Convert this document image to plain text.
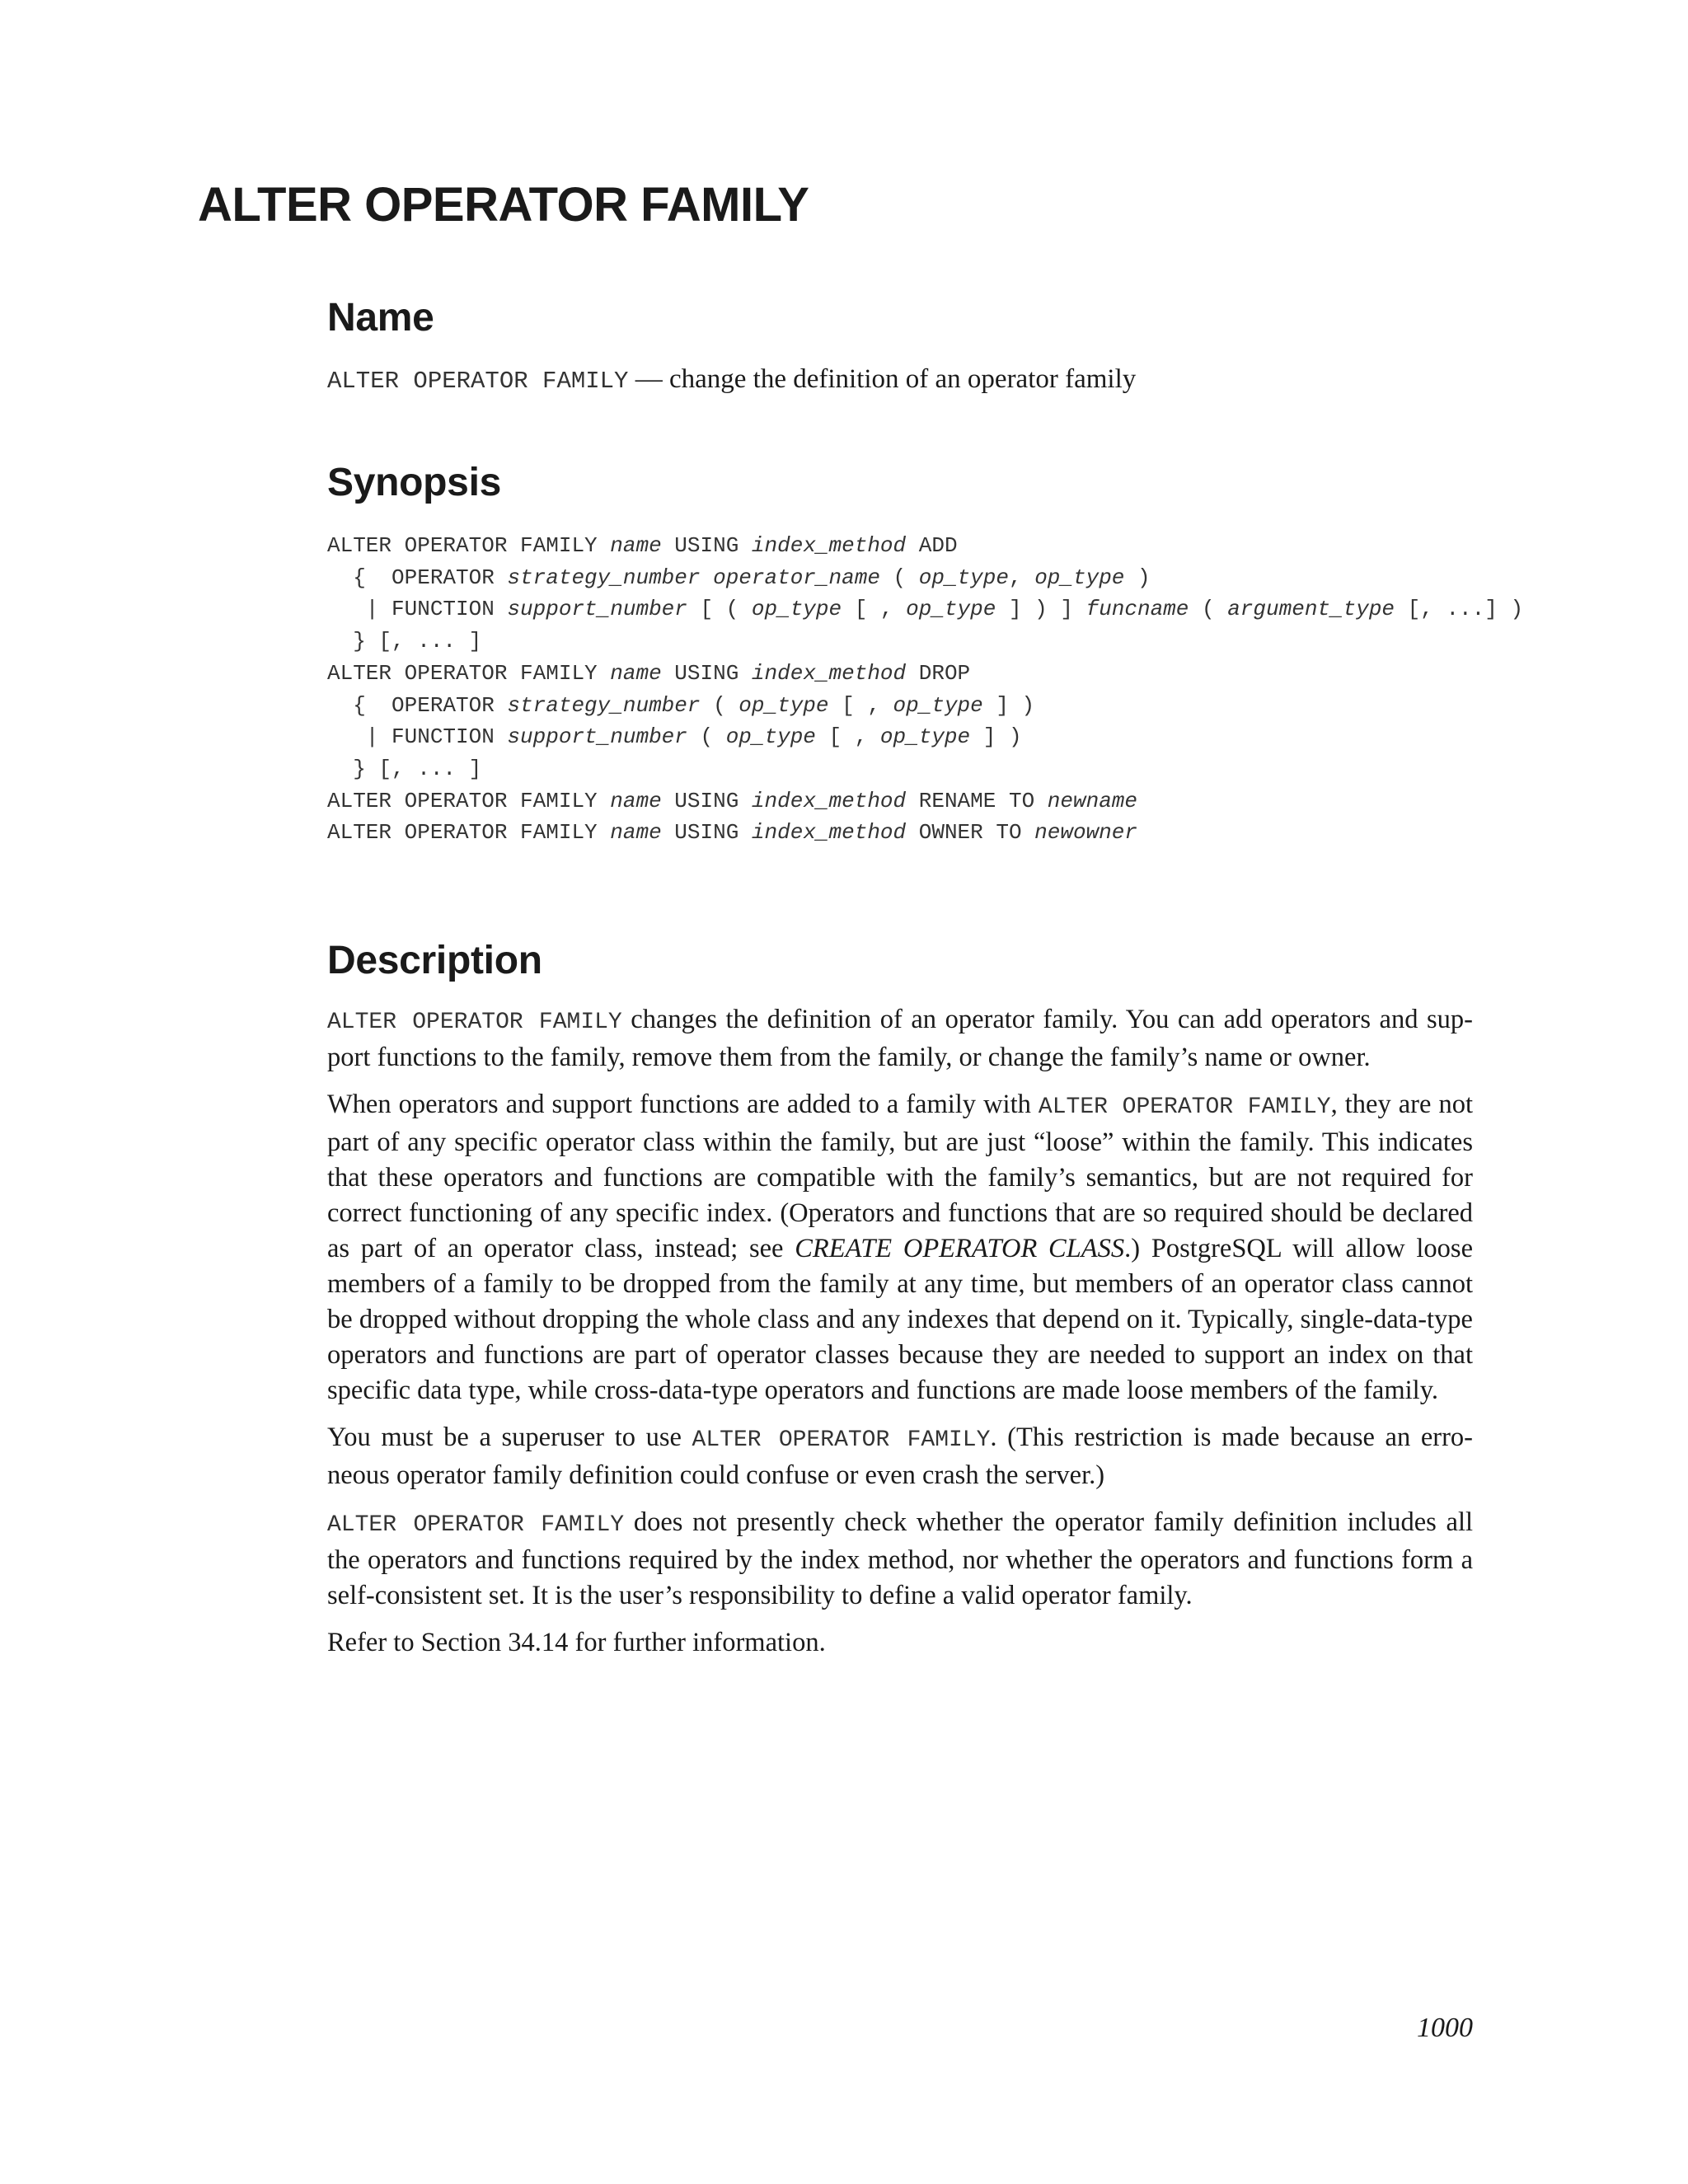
ALTER OPERATOR FAMILY
Name
ALTER OPERATOR FAMILY — change the definition of an operator family
Synopsis
ALTER OPERATOR FAMILY name USING index_method ADD
{  OPERATOR strategy_number operator_name ( op_type, op_type )
| FUNCTION support_number [ ( op_type [ , op_type ] ) ] funcname ( argument_type [, ...] )
} [, ... ]
ALTER OPERATOR FAMILY name USING index_method DROP
{  OPERATOR strategy_number ( op_type [ , op_type ] )
| FUNCTION support_number ( op_type [ , op_type ] )
} [, ... ]
ALTER OPERATOR FAMILY name USING index_method RENAME TO newname
ALTER OPERATOR FAMILY name USING index_method OWNER TO newowner
Description

ALTER OPERATOR FAMILY changes the definition of an operator family. You can add operators and sup-port functions to the family, remove them from the family, or change the family’s name or owner.

When operators and support functions are added to a family with ALTER OPERATOR FAMILY, they are not part of any specific operator class within the family, but are just “loose” within the family. This indicates that these operators and functions are compatible with the family’s semantics, but are not required for correct functioning of any specific index. (Operators and functions that are so required should be declared as part of an operator class, instead; see CREATE OPERATOR CLASS.) PostgreSQL will allow loose members of a family to be dropped from the family at any time, but members of an operator class cannot be dropped without dropping the whole class and any indexes that depend on it. Typically, single-data-type operators and functions are part of operator classes because they are needed to support an index on that specific data type, while cross-data-type operators and functions are made loose members of the family.

You must be a superuser to use ALTER OPERATOR FAMILY. (This restriction is made because an erro-neous operator family definition could confuse or even crash the server.)

ALTER OPERATOR FAMILY does not presently check whether the operator family definition includes all the operators and functions required by the index method, nor whether the operators and functions form a self-consistent set. It is the user’s responsibility to define a valid operator family.

Refer to Section 34.14 for further information.

1000
